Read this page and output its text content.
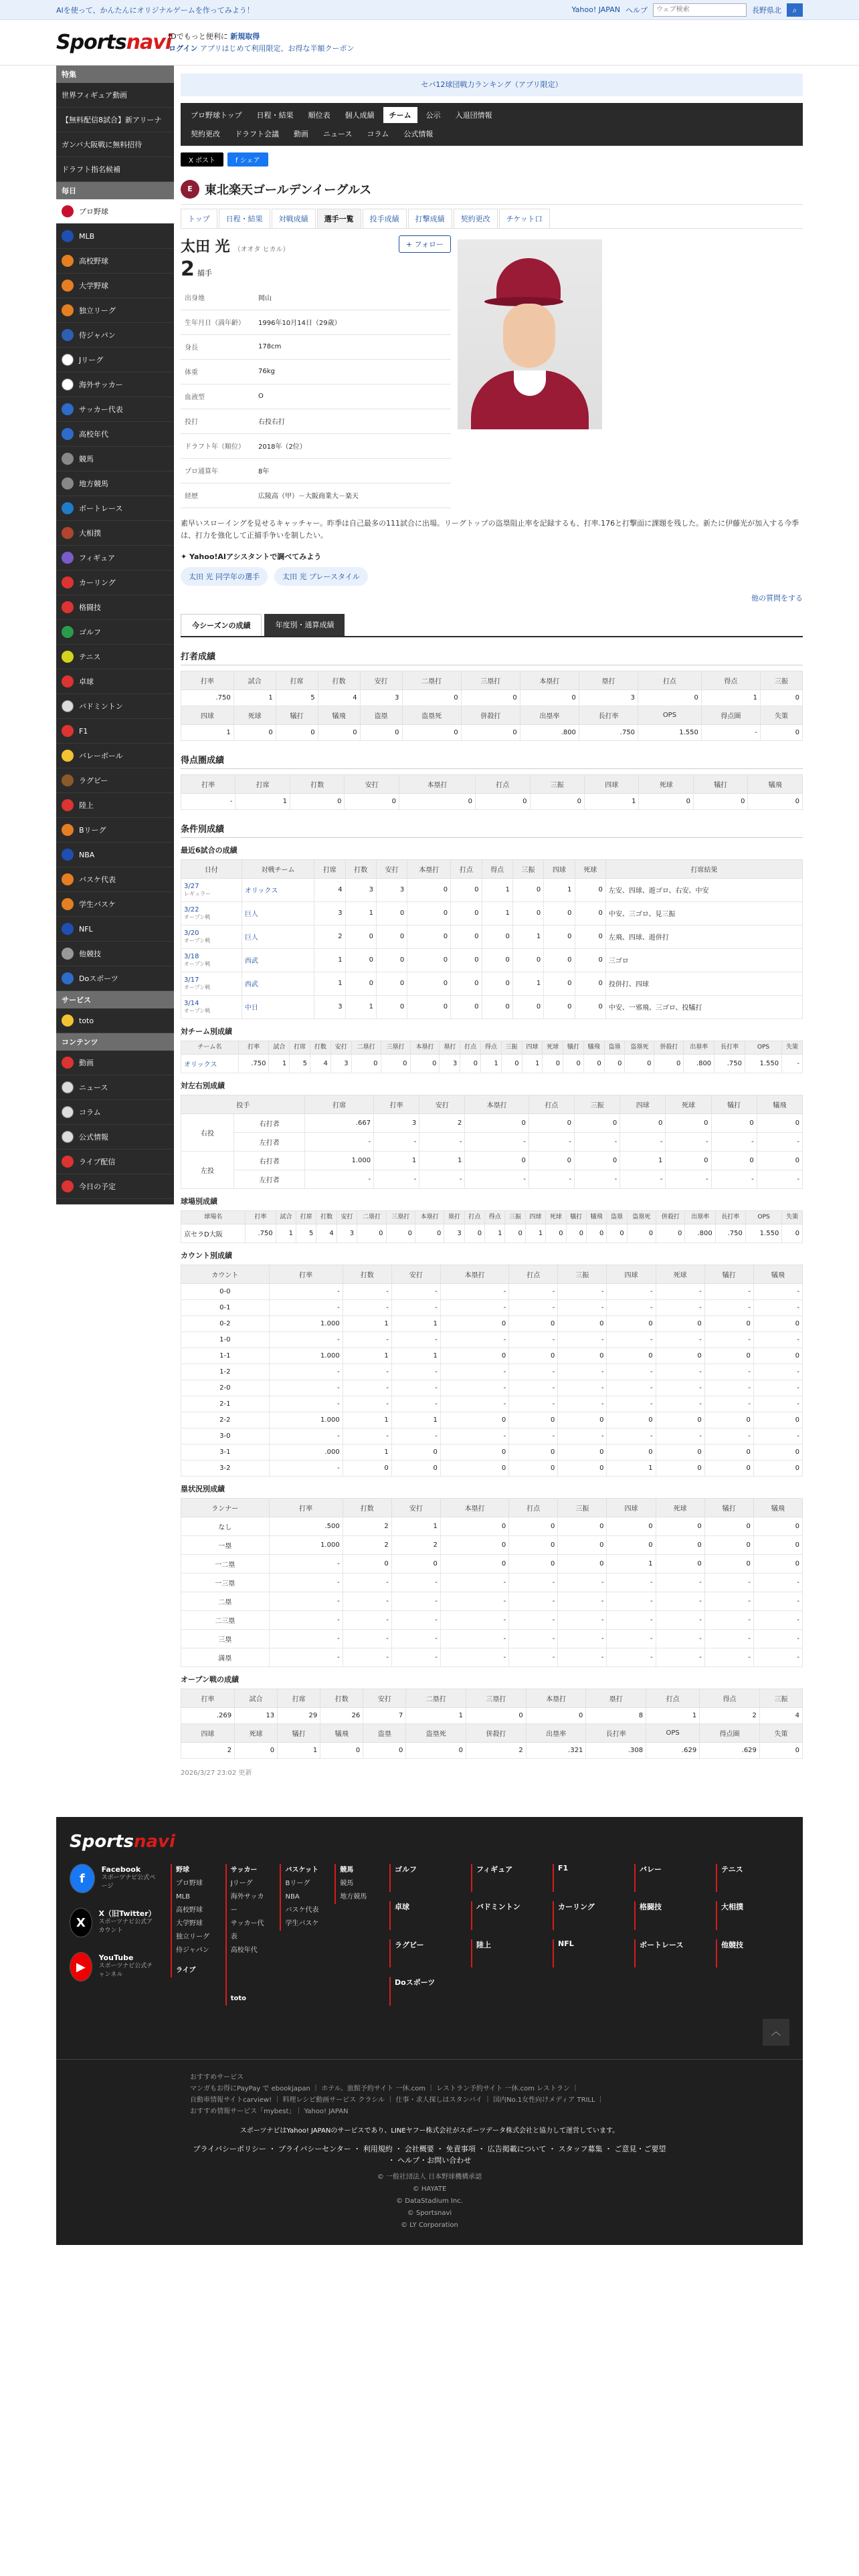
AIを使って、かんたんにオリジナルゲームを作ってみよう！	Yahoo! JAPAN ヘルプ
ウェブ検索	長野県北	⌕
Sportsnavi
IDでもっと便利に 新規取得
ログイン アプリはじめて利用限定、お得な半額クーポン
特集
世界フィギュア動画
【無料配信8試合】新アリーナ
ガンバ大阪戦に無料招待
ドラフト指名候補
毎日
プロ野球
MLB
高校野球
大学野球
独立リーグ
侍ジャパン
Jリーグ
海外サッカー
サッカー代表
高校年代
競馬
地方競馬
ボートレース
大相撲
フィギュア
カーリング
格闘技
ゴルフ
テニス
卓球
バドミントン
F1
バレーボール
ラグビー
陸上
Bリーグ
NBA
バスケ代表
学生バスケ
NFL
他競技
Doスポーツ
サービス
toto
コンテンツ
動画
ニュース
コラム
公式情報
ライブ配信
今日の予定
セパ12球団戦力ランキング（アプリ限定）
プロ野球トップ	日程・結果	順位表	個人成績	チーム	公示	入退団情報
契約更改	ドラフト会議	動画	ニュース	コラム	公式情報
X ポスト	f シェア
E	東北楽天ゴールデンイーグルス
トップ	日程・結果	対戦成績	選手一覧	投手成績	打撃成績	契約更改	チケット口
太田 光 （オオタ ヒカル）
+ フォロー
2 捕手
出身地	岡山
生年月日（満年齢）	1996年10月14日（29歳）
身長	178cm
体重	76kg
血液型	O
投打	右投右打
ドラフト年（順位）	2018年（2位）
プロ通算年	8年
経歴	広陵高（甲）－大阪商業大－楽天

素早いスローイングを見せるキャッチャー。昨季は自己最多の111試合に出場。リーグトップの盗塁阻止率を記録するも、打率.176と打撃面に課題を残した。新たに伊藤光が加入する今季は、打力を強化して正捕手争いを制したい。

✦ Yahoo!AIアシスタントで調べてみよう
太田 光 同学年の選手	太田 光 プレースタイル
他の質問をする
今シーズンの成績	年度別・通算成績
打者成績
打率	試合	打席	打数	安打	二塁打	三塁打	本塁打	塁打	打点	得点	三振
.750	1	5	4	3	0	0	0	3	0	1	0
四球	死球	犠打	犠飛	盗塁	盗塁死	併殺打	出塁率	長打率	OPS	得点圏	失策
1	0	0	0	0	0	0	.800	.750	1.550	-	0
得点圏成績
打率	打席	打数	安打	本塁打	打点	三振	四球	死球	犠打	犠飛
-	1	0	0	0	0	0	1	0	0	0
条件別成績
最近6試合の成績
日付	対戦チーム	打席	打数	安打	本塁打	打点	得点	三振	四球	死球	打席結果
3/27
レギュラー	オリックス	4	3	3	0	0	1	0	1	0	左安、四球、遊ゴロ、右安、中安
3/22
オープン戦	巨人	3	1	0	0	0	1	0	0	0	中安、三ゴロ、見三振
3/20
オープン戦	巨人	2	0	0	0	0	0	1	0	0	左飛、四球、遊併打
3/18
オープン戦	西武	1	0	0	0	0	0	0	0	0	三ゴロ
3/17
オープン戦	西武	1	0	0	0	0	0	1	0	0	投併打、四球
3/14
オープン戦	中日	3	1	0	0	0	0	0	0	0	中安、一邪飛、三ゴロ、投犠打
対チーム別成績
チーム名	打率	試合	打席	打数	安打	二塁打	三塁打	本塁打	塁打	打点	得点	三振	四球	死球	犠打	犠飛	盗塁	盗塁死	併殺打	出塁率	長打率	OPS	失策
オリックス	.750	1	5	4	3	0	0	0	3	0	1	0	1	0	0	0	0	0	0	.800	.750	1.550	-
対左右別成績
投手		打席	打率	安打	本塁打	打点	三振	四球	死球	犠打	犠飛
右投	右打者	.667	3	2	0	0	0	0	0	0	0
	左打者	-	-	-	-	-	-	-	-	-	-
左投	右打者	1.000	1	1	0	0	0	1	0	0	0
	左打者	-	-	-	-	-	-	-	-	-	-
球場別成績
球場名	打率	試合	打席	打数	安打	二塁打	三塁打	本塁打	塁打	打点	得点	三振	四球	死球	犠打	犠飛	盗塁	盗塁死	併殺打	出塁率	長打率	OPS	失策
京セラD大阪	.750	1	5	4	3	0	0	0	3	0	1	0	1	0	0	0	0	0	0	.800	.750	1.550	0
カウント別成績
カウント	打率	打数	安打	本塁打	打点	三振	四球	死球	犠打	犠飛
0-0	-	-	-	-	-	-	-	-	-	-
0-1	-	-	-	-	-	-	-	-	-	-
0-2	1.000	1	1	0	0	0	0	0	0	0
1-0	-	-	-	-	-	-	-	-	-	-
1-1	1.000	1	1	0	0	0	0	0	0	0
1-2	-	-	-	-	-	-	-	-	-	-
2-0	-	-	-	-	-	-	-	-	-	-
2-1	-	-	-	-	-	-	-	-	-	-
2-2	1.000	1	1	0	0	0	0	0	0	0
3-0	-	-	-	-	-	-	-	-	-	-
3-1	.000	1	0	0	0	0	0	0	0	0
3-2	-	0	0	0	0	0	1	0	0	0
塁状況別成績
ランナー	打率	打数	安打	本塁打	打点	三振	四球	死球	犠打	犠飛
なし	.500	2	1	0	0	0	0	0	0	0
一塁	1.000	2	2	0	0	0	0	0	0	0
一二塁	-	0	0	0	0	0	1	0	0	0
一三塁	-	-	-	-	-	-	-	-	-	-
二塁	-	-	-	-	-	-	-	-	-	-
二三塁	-	-	-	-	-	-	-	-	-	-
三塁	-	-	-	-	-	-	-	-	-	-
満塁	-	-	-	-	-	-	-	-	-	-
オープン戦の成績
打率	試合	打席	打数	安打	二塁打	三塁打	本塁打	塁打	打点	得点	三振
.269	13	29	26	7	1	0	0	8	1	2	4
四球	死球	犠打	犠飛	盗塁	盗塁死	併殺打	出塁率	長打率	OPS	得点圏	失策
2	0	1	0	0	0	2	.321	.308	.629	.629	0
2026/3/27 23:02 更新
Sportsnavi
f
Facebook
スポーツナビ公式ページ
X
X（旧Twitter）
スポーツナビ公式アカウント
▶
YouTube
スポーツナビ公式チャンネル
野球
プロ野球
MLB
高校野球
大学野球
独立リーグ
侍ジャパン
ライブ
サッカー
Jリーグ
海外サッカー
サッカー代表
高校年代
toto
バスケット
Bリーグ
NBA
バスケ代表
学生バスケ
競馬
競馬
地方競馬
ゴルフ	フィギュア	F1	バレー	テニス
卓球	バドミントン	カーリング	格闘技	大相撲
ラグビー	陸上	NFL	ボートレース	他競技
Doスポーツ
︿
おすすめサービス
マンガもお得にPayPay で ebookjapan ｜ ホテル、旅館予約サイト 一休.com ｜ レストラン予約サイト 一休.com レストラン ｜
自動車情報サイトcarview! ｜ 料理レシピ動画サービス クラシル ｜ 仕事・求人探しはスタンバイ ｜ 国内No.1女性向けメディア TRILL ｜
おすすめ情報サービス「mybest」｜ Yahoo! JAPAN
スポーツナビはYahoo! JAPANのサービスであり、LINEヤフー株式会社がスポーツデータ株式会社と協力して運営しています。
プライバシーポリシー ・ プライバシーセンター ・ 利用規約 ・ 会社概要 ・ 免責事項 ・ 広告掲載について ・ スタッフ募集 ・ ご意見・ご要望 ・ ヘルプ・お問い合わせ
© 一般社団法人 日本野球機構承認
© HAYATE
© DataStadium Inc.
© Sportsnavi
© LY Corporation
